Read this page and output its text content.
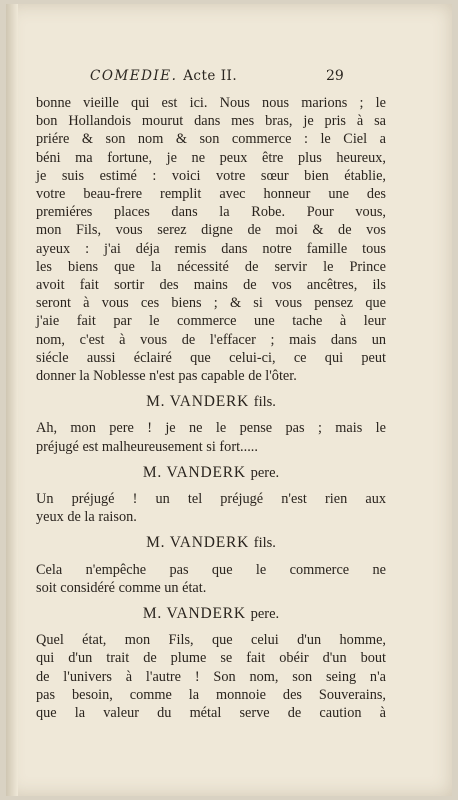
COMEDIE. Acte II.	29

bonne vieille qui est ici. Nous nous marions ; le
bon Hollandois mourut dans mes bras, je pris à sa
priére & son nom & son commerce : le Ciel a
béni ma fortune, je ne peux être plus heureux,
je suis estimé : voici votre sœur bien établie,
votre beau-frere remplit avec honneur une des
premiéres places dans la Robe. Pour vous,
mon Fils, vous serez digne de moi & de vos
ayeux : j'ai déja remis dans notre famille tous
les biens que la nécessité de servir le Prince
avoit fait sortir des mains de vos ancêtres, ils
seront à vous ces biens ; & si vous pensez que
j'aie fait par le commerce une tache à leur
nom, c'est à vous de l'effacer ; mais dans un
siécle aussi éclairé que celui-ci, ce qui peut
donner la Noblesse n'est pas capable de l'ôter.

M. VANDERK fils.

Ah, mon pere ! je ne le pense pas ; mais le
préjugé est malheureusement si fort.....

M. VANDERK pere.

Un préjugé ! un tel préjugé n'est rien aux
yeux de la raison.

M. VANDERK fils.

Cela n'empêche pas que le commerce ne
soit considéré comme un état.

M. VANDERK pere.

Quel état, mon Fils, que celui d'un homme,
qui d'un trait de plume se fait obéir d'un bout
de l'univers à l'autre ! Son nom, son seing n'a
pas besoin, comme la monnoie des Souverains,
que la valeur du métal serve de caution à
